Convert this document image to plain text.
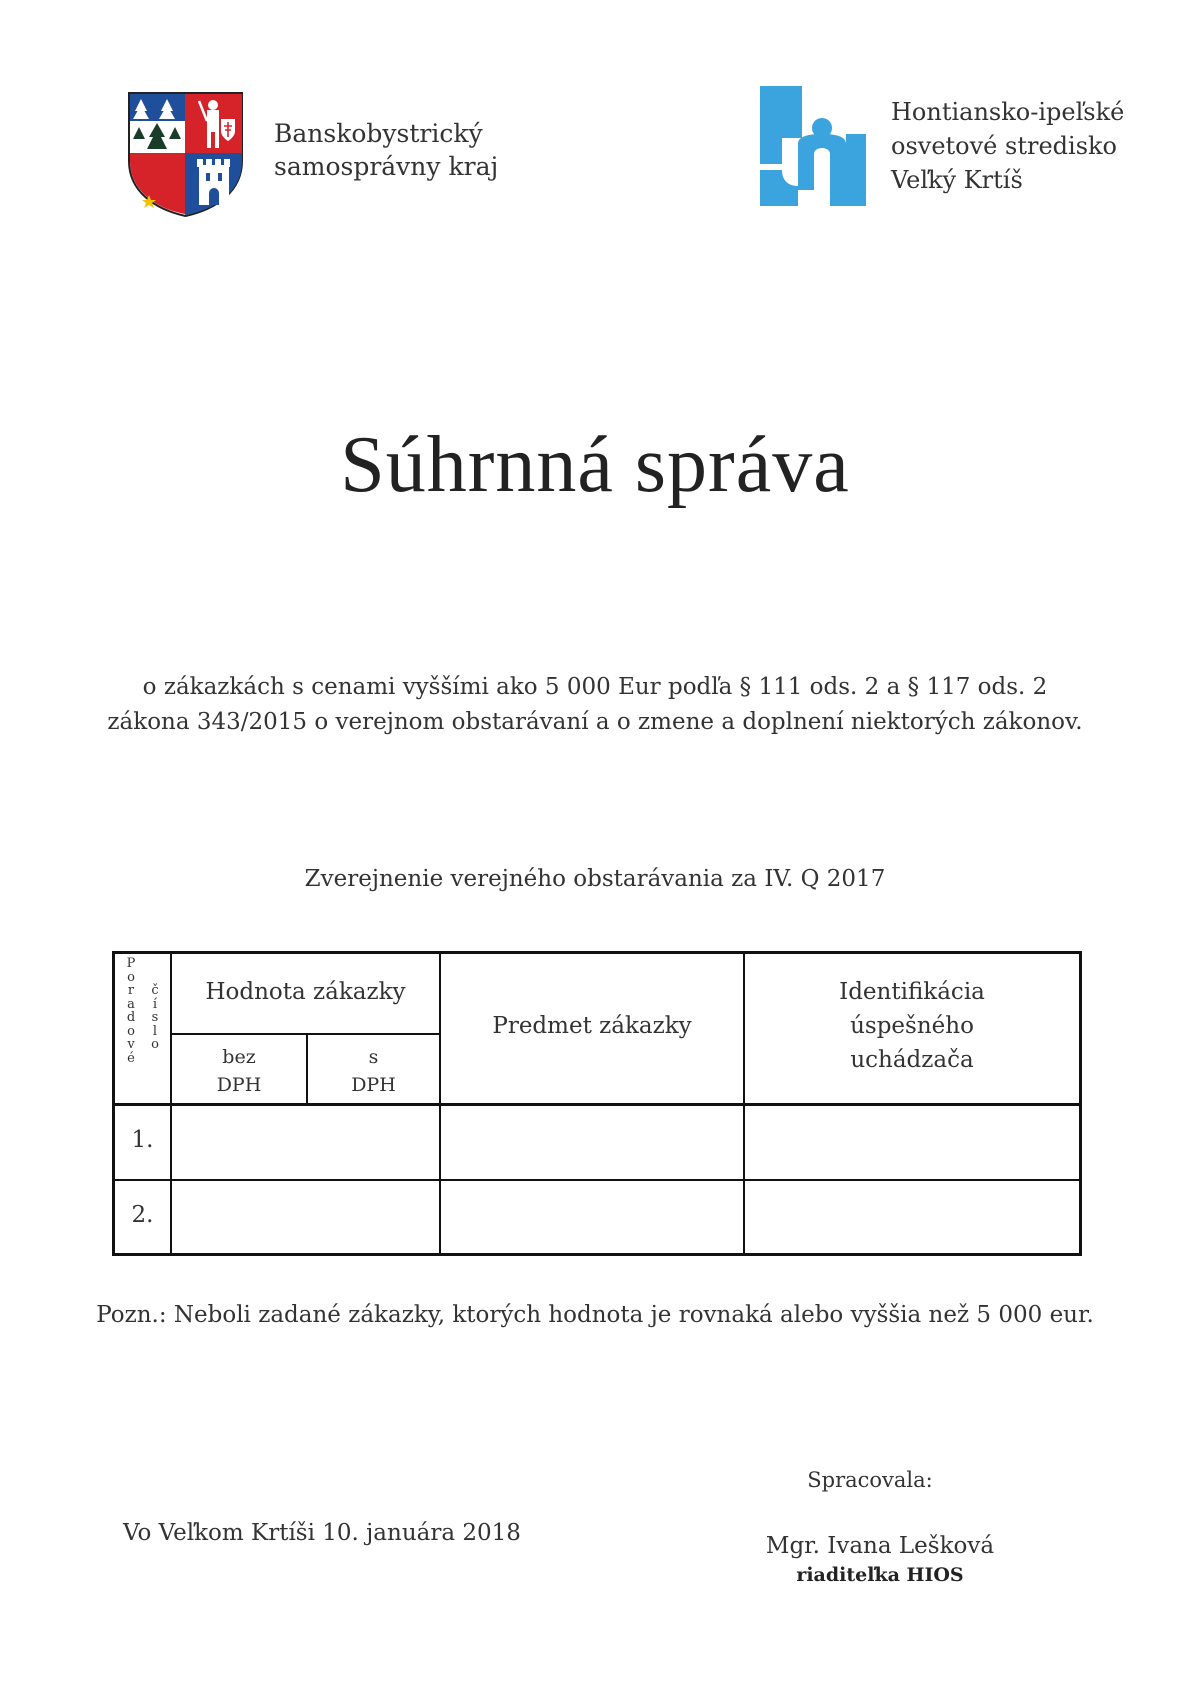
Banskobystrický
samosprávny kraj
Hontiansko-ipeľské
osvetové stredisko
Veľký Krtíš
Súhrnná správa
o zákazkách s cenami vyššími ako 5 000 Eur podľa § 111 ods. 2 a § 117 ods. 2
zákona 343/2015 o verejnom obstarávaní a o zmene a doplnení niektorých zákonov.
Zverejnenie verejného obstarávania za IV. Q 2017
P
o
r
a
d
o
v
é
č
í
s
l
o
Hodnota zákazky
bez
DPH
s
DPH
Predmet zákazky
Identifikácia
úspešného
uchádzača
1.
2.
Pozn.: Neboli zadané zákazky, ktorých hodnota je rovnaká alebo vyššia než 5 000 eur.
Vo Veľkom Krtíši 10. januára 2018
Spracovala:
Mgr. Ivana Lešková
riaditeľka HIOS
